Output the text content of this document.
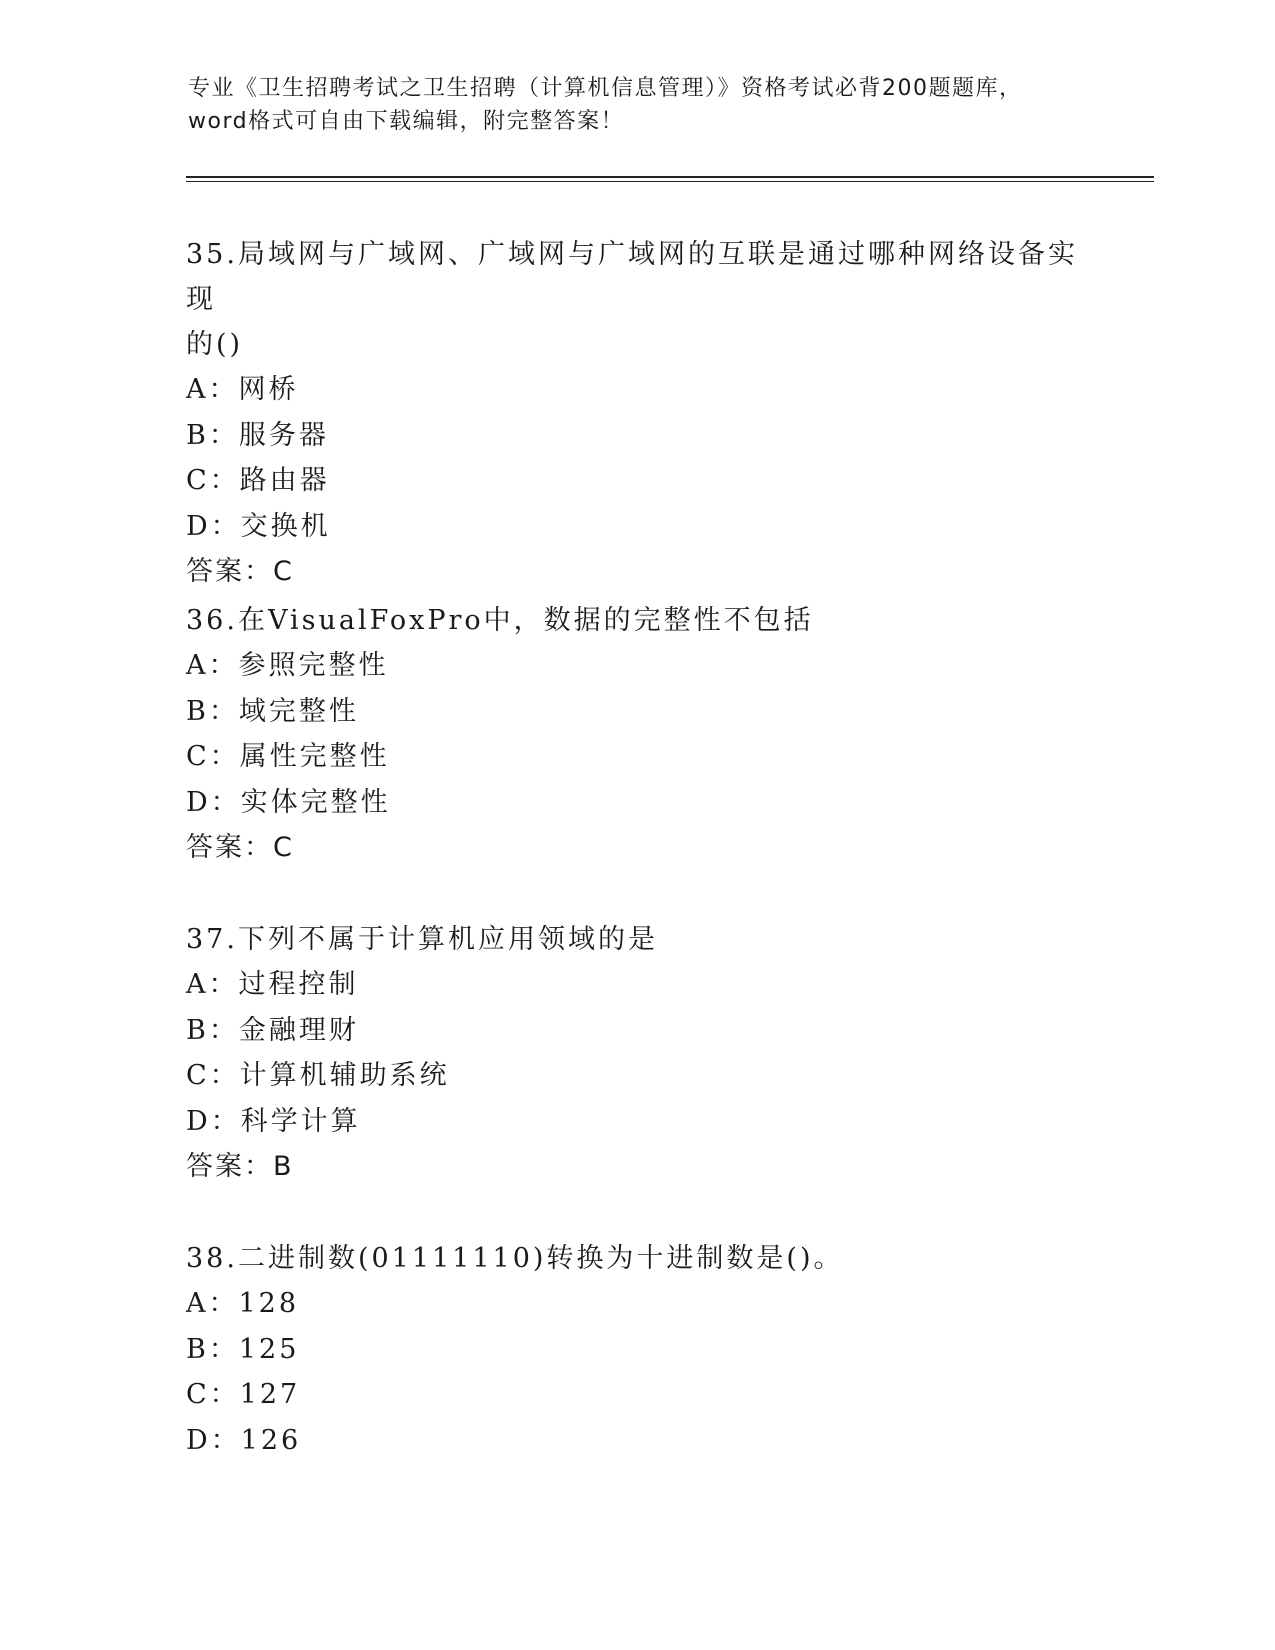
专业《卫生招聘考试之卫生招聘（计算机信息管理）》资格考试必背200题题库，
word格式可自由下载编辑，附完整答案！

35.局域网与广域网、广域网与广域网的互联是通过哪种网络设备实现

的()

A：网桥

B：服务器

C：路由器

D：交换机

答案：C

36.在VisualFoxPro中，数据的完整性不包括

A：参照完整性

B：域完整性

C：属性完整性

D：实体完整性

答案：C

37.下列不属于计算机应用领域的是

A：过程控制

B：金融理财

C：计算机辅助系统

D：科学计算

答案：B

38.二进制数(01111110)转换为十进制数是()。

A：128

B：125

C：127

D：126
